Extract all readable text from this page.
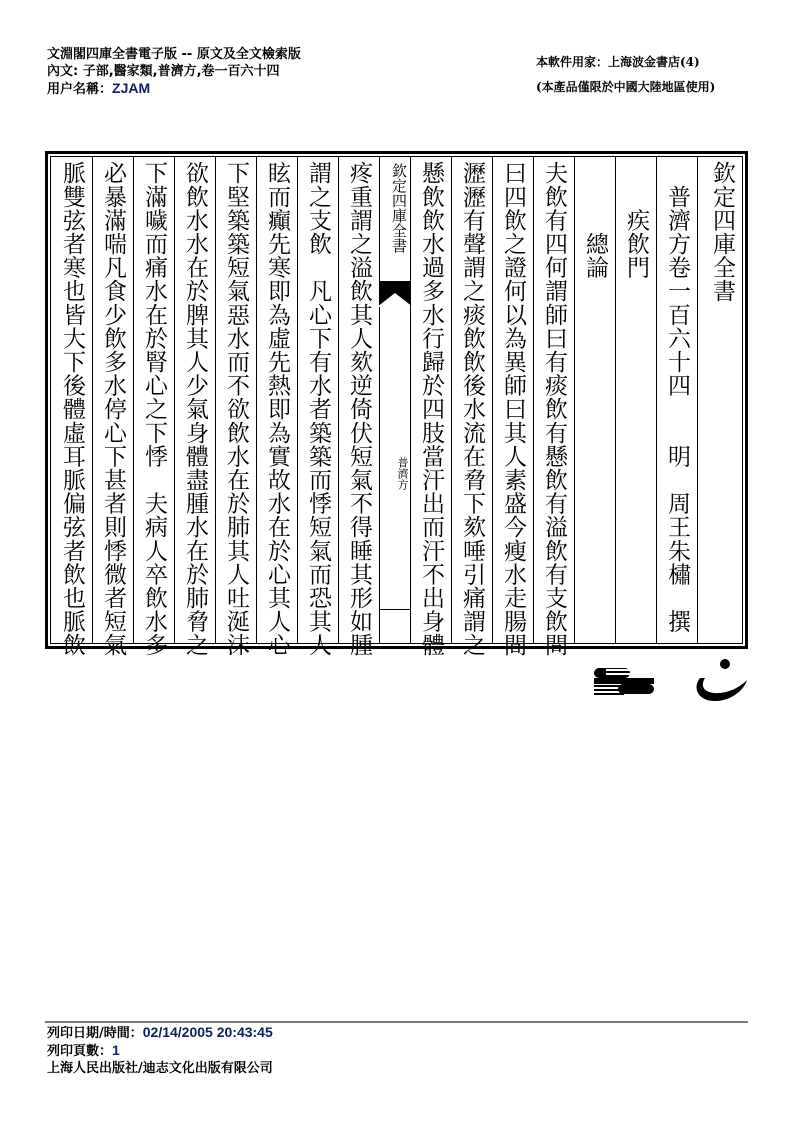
文淵閣四庫全書電子版 -- 原文及全文檢索版
內文: 子部,醫家類,普濟方,卷一百六十四
用户名稱：ZJAM
本軟件用家：上海波金書店(4)
(本產品僅限於中國大陸地區使用)
脈雙弦者寒也皆大下後體虛耳脈偏弦者飲也脈飲 必暴滿喘凡食少飲多水停心下甚者則悸微者短氣 下滿噦而痛水在於腎心之下悸　夫病人卒飲水多 欲飲水水在於脾其人少氣身體盡腫水在於肺脅之 下堅築築短氣惡水而不欲飲水在於肺其人吐涎沫 眩而癲先寒即為虛先熱即為實故水在於心其人心 謂之支飲　凡心下有水者築築而悸短氣而恐其人 疼重謂之溢飲其人欬逆倚伏短氣不得睡其形如腫	欽定四庫全書
普濟方 懸飲飲水過多水行歸於四肢當汗出而汗不出身體 瀝瀝有聲謂之痰飲飲後水流在脅下欬唾引痛謂之 曰四飲之證何以為異師曰其人素盛今瘦水走腸間 夫飲有四何謂師曰有痰飲有懸飲有溢飲有支飲問 　　　總論 　　疾飲門 　普濟方卷一百六十四　　明　周王朱橚　撰 欽定四庫全書
列印日期/時間：02/14/2005 20:43:45
列印頁數：1
上海人民出版社/迪志文化出版有限公司
